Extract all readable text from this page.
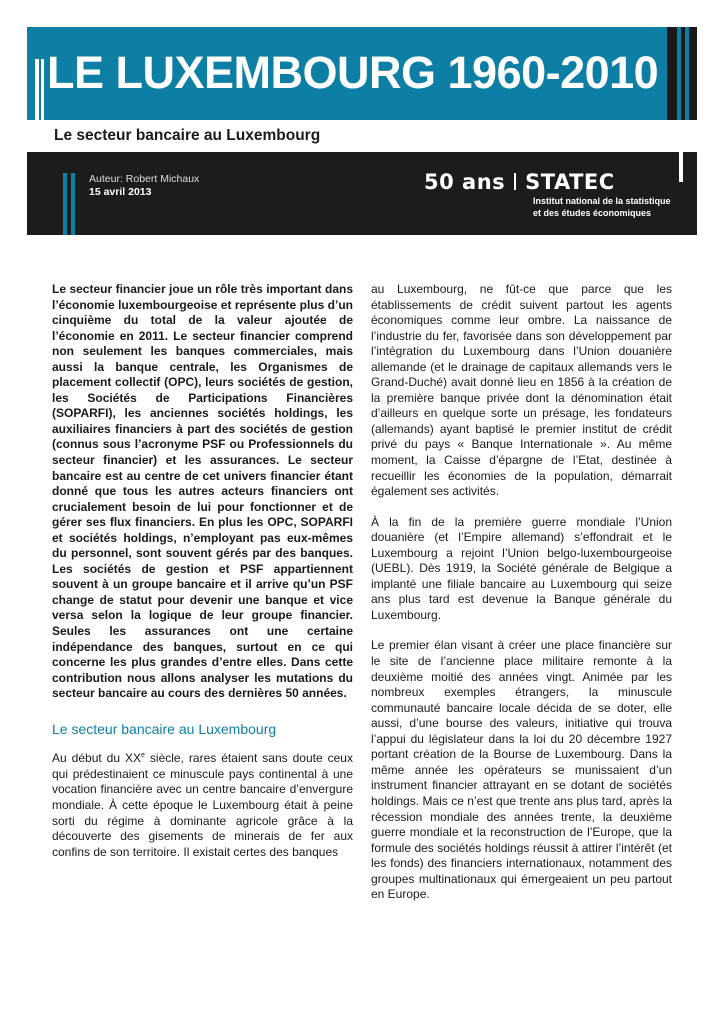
LE LUXEMBOURG 1960-2010
Le secteur bancaire au Luxembourg
Auteur: Robert Michaux
15 avril 2013	50 ans STATEC
Institut national de la statistique
et des études économiques

Le secteur financier joue un rôle très important dans l’économie luxembourgeoise et représente plus d’un cinquième du total de la valeur ajoutée de l’économie en 2011. Le secteur financier comprend non seulement les banques commerciales, mais aussi la banque centrale, les Organismes de placement collectif (OPC), leurs sociétés de gestion, les Sociétés de Participations Financières (SOPARFI), les anciennes sociétés holdings, les auxiliaires financiers à part des sociétés de gestion (connus sous l’acronyme PSF ou Professionnels du secteur financier) et les assurances. Le secteur bancaire est au centre de cet univers financier étant donné que tous les autres acteurs financiers ont crucialement besoin de lui pour fonctionner et de gérer ses flux financiers. En plus les OPC, SOPARFI et sociétés holdings, n’employant pas eux-mêmes du personnel, sont souvent gérés par des banques. Les sociétés de gestion et PSF appartiennent souvent à un groupe bancaire et il arrive qu’un PSF change de statut pour devenir une banque et vice versa selon la logique de leur groupe financier. Seules les assurances ont une certaine indépendance des banques, surtout en ce qui concerne les plus grandes d’entre elles. Dans cette contribution nous allons analyser les mutations du secteur bancaire au cours des dernières 50 années.

Le secteur bancaire au Luxembourg

Au début du XXe siècle, rares étaient sans doute ceux qui prédestinaient ce minuscule pays continental à une vocation financière avec un centre bancaire d’envergure mondiale. À cette époque le Luxembourg était à peine sorti du régime à dominante agricole grâce à la découverte des gisements de minerais de fer aux confins de son territoire. Il existait certes des banques

au Luxembourg, ne fût-ce que parce que les établissements de crédit suivent partout les agents économiques comme leur ombre. La naissance de l’industrie du fer, favorisée dans son développement par l’intégration du Luxembourg dans l’Union douanière allemande (et le drainage de capitaux allemands vers le Grand-Duché) avait donné lieu en 1856 à la création de la première banque privée dont la dénomination était d’ailleurs en quelque sorte un présage, les fondateurs (allemands) ayant baptisé le premier institut de crédit privé du pays « Banque Internationale ». Au même moment, la Caisse d’épargne de l’Etat, destinée à recueillir les économies de la population, démarrait également ses activités.

À la fin de la première guerre mondiale l’Union douanière (et l’Empire allemand) s’effondrait et le Luxembourg a rejoint l’Union belgo-luxembourgeoise (UEBL). Dès 1919, la Société générale de Belgique a implanté une filiale bancaire au Luxembourg qui seize ans plus tard est devenue la Banque générale du Luxembourg.

Le premier élan visant à créer une place financière sur le site de l’ancienne place militaire remonte à la deuxième moitié des années vingt. Animée par les nombreux exemples étrangers, la minuscule communauté bancaire locale décida de se doter, elle aussi, d’une bourse des valeurs, initiative qui trouva l’appui du législateur dans la loi du 20 décembre 1927 portant création de la Bourse de Luxembourg. Dans la même année les opérateurs se munissaient d’un instrument financier attrayant en se dotant de sociétés holdings. Mais ce n’est que trente ans plus tard, après la récession mondiale des années trente, la deuxième guerre mondiale et la reconstruction de l’Europe, que la formule des sociétés holdings réussit à attirer l’intérêt (et les fonds) des financiers internationaux, notamment des groupes multinationaux qui émergeaient un peu partout en Europe.
